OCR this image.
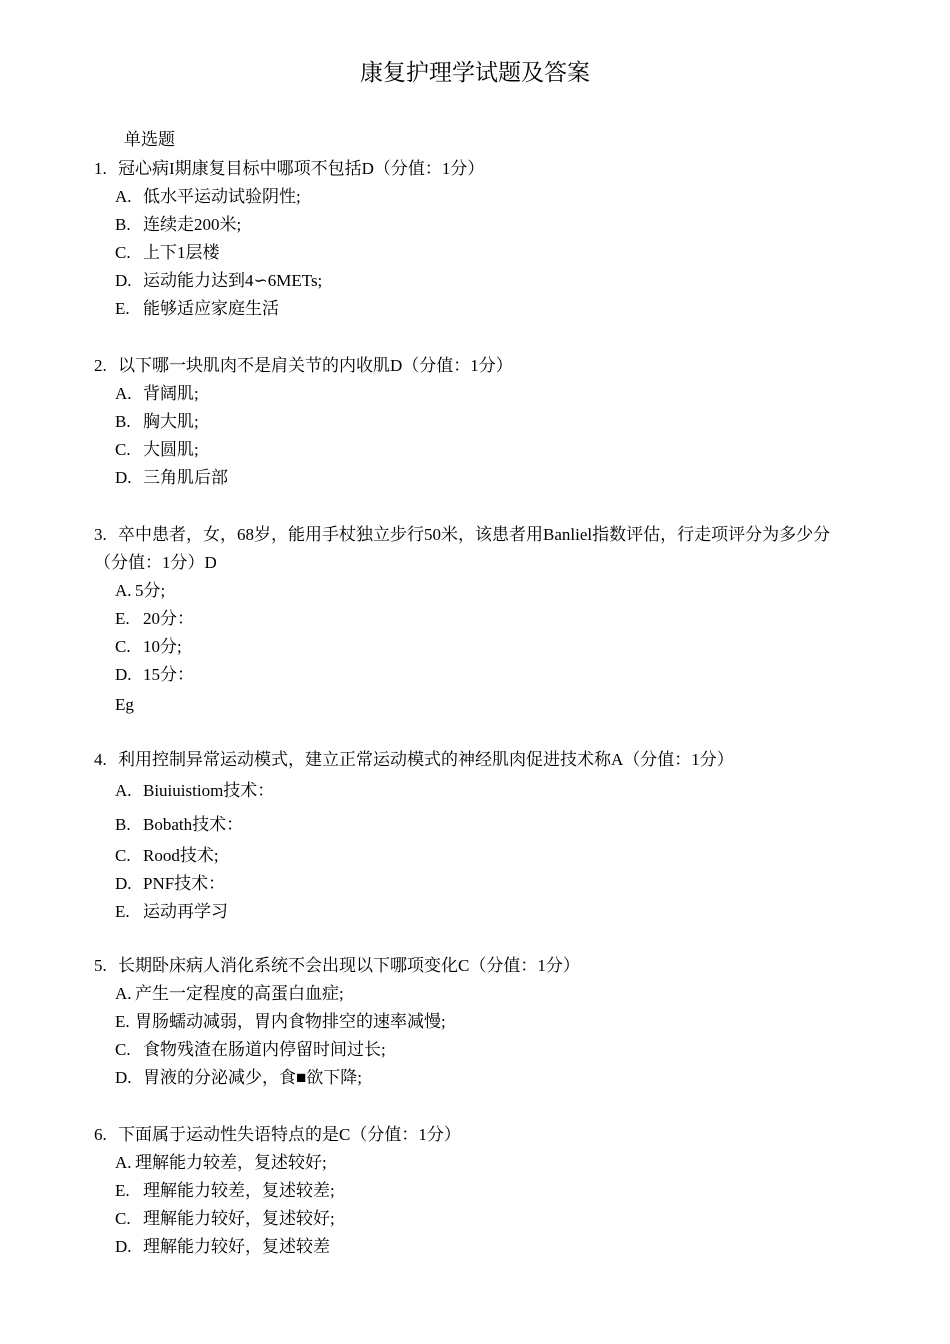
康复护理学试题及答案
单选题

1. 冠心病I期康复目标中哪项不包括D（分值：1分）

A. 低水平运动试验阴性;
B. 连续走200米;
C. 上下1层楼
D. 运动能力达到4∽6METs;
E. 能够适应家庭生活

2. 以下哪一块肌肉不是肩关节的内收肌D（分值：1分）

A. 背阔肌;
B. 胸大肌;
C. 大圆肌;
D. 三角肌后部

3. 卒中患者，女，68岁，能用手杖独立步行50米，该患者用Banliel指数评估，行走项评分为多少分（分值：1分）D

A. 5分;
E. 20分：
C. 10分;
D. 15分：
Eg

4. 利用控制异常运动模式，建立正常运动模式的神经肌肉促进技术称A（分值：1分）

A. Biuiuistiom技术：
B. Bobath技术：
C. Rood技术;
D. PNF技术：
E. 运动再学习

5. 长期卧床病人消化系统不会出现以下哪项变化C（分值：1分）

A. 产生一定程度的高蛋白血症;
E. 胃肠蠕动减弱，胃内食物排空的速率减慢;
C. 食物残渣在肠道内停留时间过长;
D. 胃液的分泌减少，食■欲下降;

6. 下面属于运动性失语特点的是C（分值：1分）

A. 理解能力较差，复述较好;
E. 理解能力较差，复述较差;
C. 理解能力较好，复述较好;
D. 理解能力较好，复述较差
